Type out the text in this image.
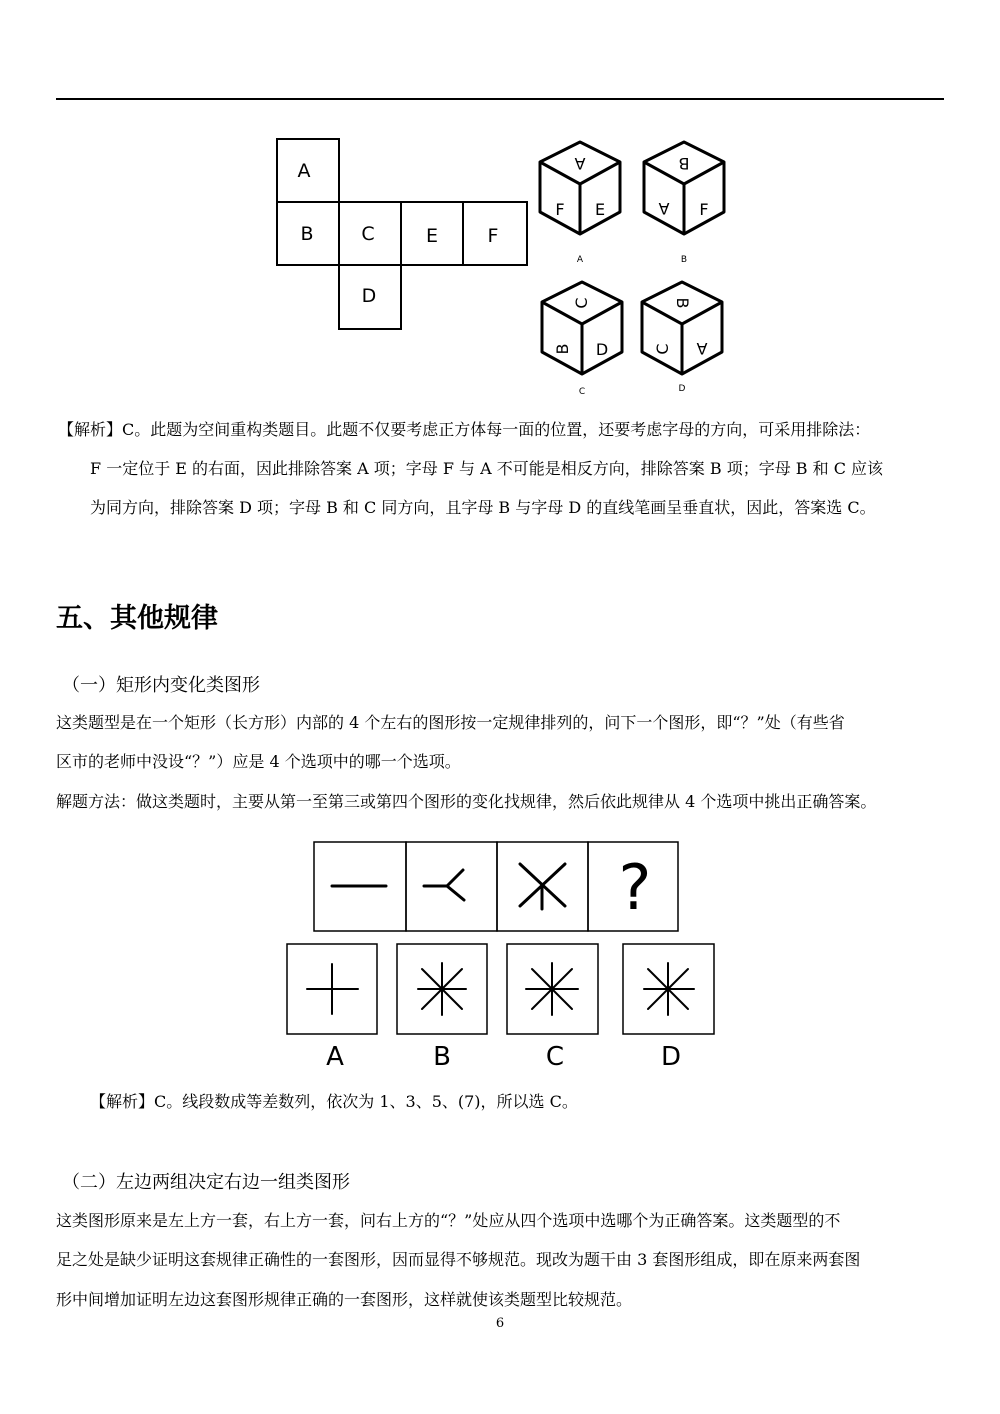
A
B	C	E	F
D
A
F E
A
B
A F
B
C
B D
C
B
C A
D
【解析】C。此题为空间重构类题目。此题不仅要考虑正方体每一面的位置，还要考虑字母的方向，可采用排除法：
F 一定位于 E 的右面，因此排除答案 A 项；字母 F 与 A 不可能是相反方向，排除答案 B 项；字母 B 和 C 应该
为同方向，排除答案 D 项；字母 B 和 C 同方向，且字母 B 与字母 D 的直线笔画呈垂直状，因此，答案选 C。
五、其他规律
（一）矩形内变化类图形
这类题型是在一个矩形（长方形）内部的 4 个左右的图形按一定规律排列的，问下一个图形，即“？”处（有些省
区市的老师中没设“？”）应是 4 个选项中的哪一个选项。
解题方法：做这类题时，主要从第一至第三或第四个图形的变化找规律，然后依此规律从 4 个选项中挑出正确答案。
?
A	B	C	D
【解析】C。线段数成等差数列，依次为 1、3、5、(7)，所以选 C。
（二）左边两组决定右边一组类图形
这类图形原来是左上方一套，右上方一套，问右上方的“？”处应从四个选项中选哪个为正确答案。这类题型的不
足之处是缺少证明这套规律正确性的一套图形，因而显得不够规范。现改为题干由 3 套图形组成，即在原来两套图
形中间增加证明左边这套图形规律正确的一套图形，这样就使该类题型比较规范。
6
